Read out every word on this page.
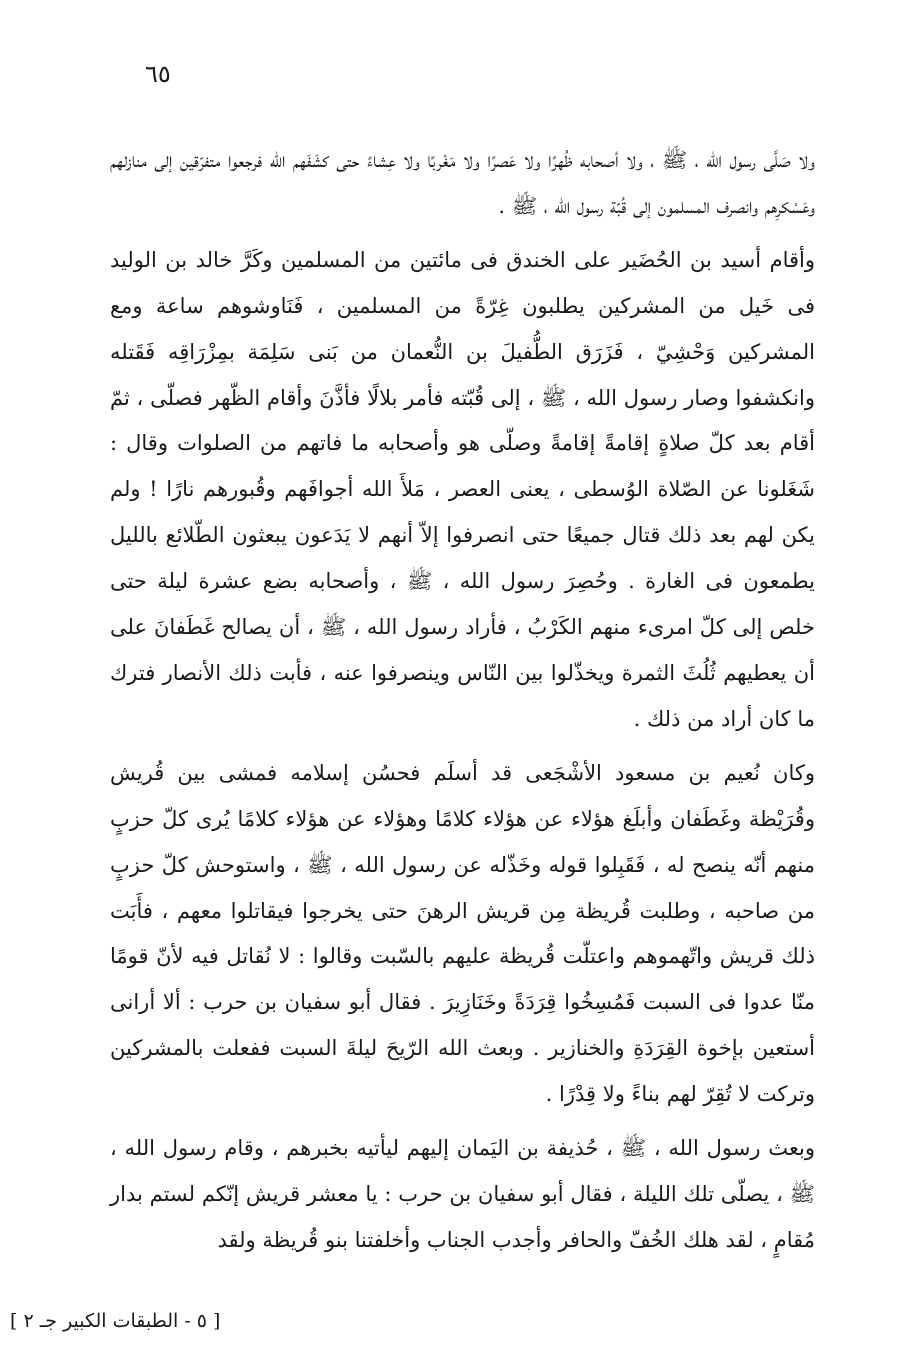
٦٥

ولا صَلَّى رسول الله ، ﷺ ، ولا أصحابه ظُهرًا ولا عَصرًا ولا مَغْربًا ولا عِشاءً حتى كشَفَهم الله فرجعوا متفرّقين إلى منازلهم وعَسْكرِهم وانصرف المسلمون إلى قُبّة رسول الله ، ﷺ .

وأقام أسيد بن الحُضَير على الخندق فى مائتين من المسلمين وكَرَّ خالد بن الوليد فى خَيل من المشركين يطلبون غِرّةً من المسلمين ، فَنَاوشوهم ساعة ومع المشركين وَحْشِيّ ، فَزَرَق الطُّفيلَ بن النُّعمان من بَنى سَلِمَة بمِزْرَاقِه فَقَتله وانكشفوا وصار رسول الله ، ﷺ ، إلى قُبّته فأمر بلالًا فأذَّنَ وأقام الظّهر فصلّى ، ثمّ أقام بعد كلّ صلاةٍ إقامةً إقامةً وصلّى هو وأصحابه ما فاتهم من الصلوات وقال : شَغَلونا عن الصّلاة الوُسطى ، يعنى العصر ، مَلأَ الله أجوافَهم وقُبورهم نارًا ! ولم يكن لهم بعد ذلك قتال جميعًا حتى انصرفوا إلاّ أنهم لا يَدَعون يبعثون الطّلائع بالليل يطمعون فى الغارة . وحُصِرَ رسول الله ، ﷺ ، وأصحابه بضع عشرة ليلة حتى خلص إلى كلّ امرىء منهم الكَرْبُ ، فأراد رسول الله ، ﷺ ، أن يصالح غَطَفانَ على أن يعطيهم ثُلُثَ الثمرة ويخذّلوا بين النّاس وينصرفوا عنه ، فأبت ذلك الأنصار فترك ما كان أراد من ذلك .

وكان نُعيم بن مسعود الأشْجَعى قد أسلَم فحسُن إسلامه فمشى بين قُريش وقُرَيْظة وغَطَفان وأبلَغ هؤلاء عن هؤلاء كلامًا وهؤلاء عن هؤلاء كلامًا يُرى كلّ حزبٍ منهم أنّه ينصح له ، فَقَبِلوا قوله وخَذّله عن رسول الله ، ﷺ ، واستوحش كلّ حزبٍ من صاحبه ، وطلبت قُريظة مِن قريش الرهنَ حتى يخرجوا فيقاتلوا معهم ، فأَبَت ذلك قريش واتّهموهم واعتلّت قُريظة عليهم بالسّبت وقالوا : لا نُقاتل فيه لأنّ قومًا منّا عدوا فى السبت فَمُسِخُوا قِرَدَةً وخَنَازِيرَ . فقال أبو سفيان بن حرب : ألا أرانى أستعين بإخوة القِرَدَةِ والخنازير . وبعث الله الرّيحَ ليلةَ السبت ففعلت بالمشركين وتركت لا تُقِرّ لهم بناءً ولا قِدْرًا .

وبعث رسول الله ، ﷺ ، حُذيفة بن اليَمان إليهم ليأتيه بخبرهم ، وقام رسول الله ، ﷺ ، يصلّى تلك الليلة ، فقال أبو سفيان بن حرب : يا معشر قريش إنّكم لستم بدار مُقامٍ ، لقد هلك الخُفّ والحافر وأجدب الجناب وأخلفتنا بنو قُريظة ولقد

[ ٥ - الطبقات الكبير جـ ٢ ]
